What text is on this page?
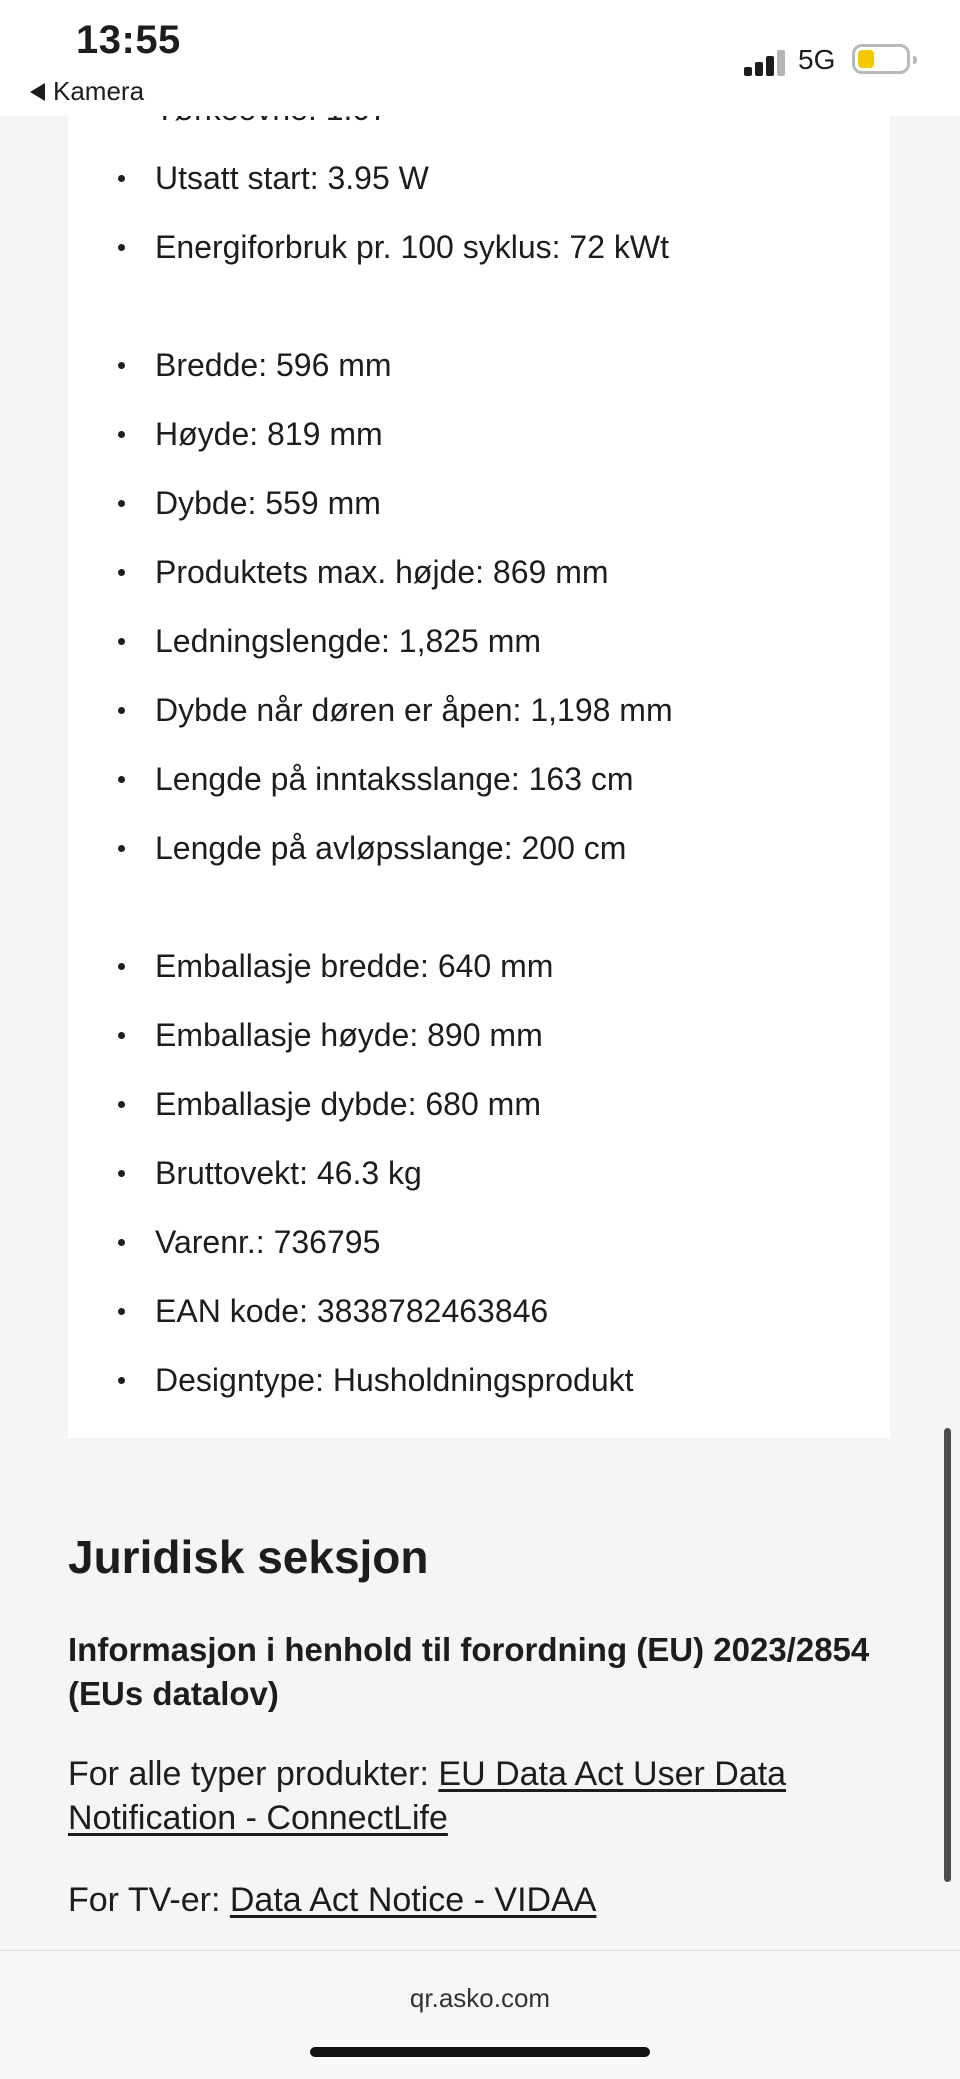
13:55
Kamera
5G
Utsatt start: 3.95 W
Energiforbruk pr. 100 syklus: 72 kWt
Bredde: 596 mm
Høyde: 819 mm
Dybde: 559 mm
Produktets max. højde: 869 mm
Ledningslengde: 1,825 mm
Dybde når døren er åpen: 1,198 mm
Lengde på inntaksslange: 163 cm
Lengde på avløpsslange: 200 cm
Emballasje bredde: 640 mm
Emballasje høyde: 890 mm
Emballasje dybde: 680 mm
Bruttovekt: 46.3 kg
Varenr.: 736795
EAN kode: 3838782463846
Designtype: Husholdningsprodukt
Juridisk seksjon

Informasjon i henhold til forordning (EU) 2023/2854 (EUs datalov)

For alle typer produkter: EU Data Act User Data Notification - ConnectLife

For TV-er: Data Act Notice - VIDAA

qr.asko.com
